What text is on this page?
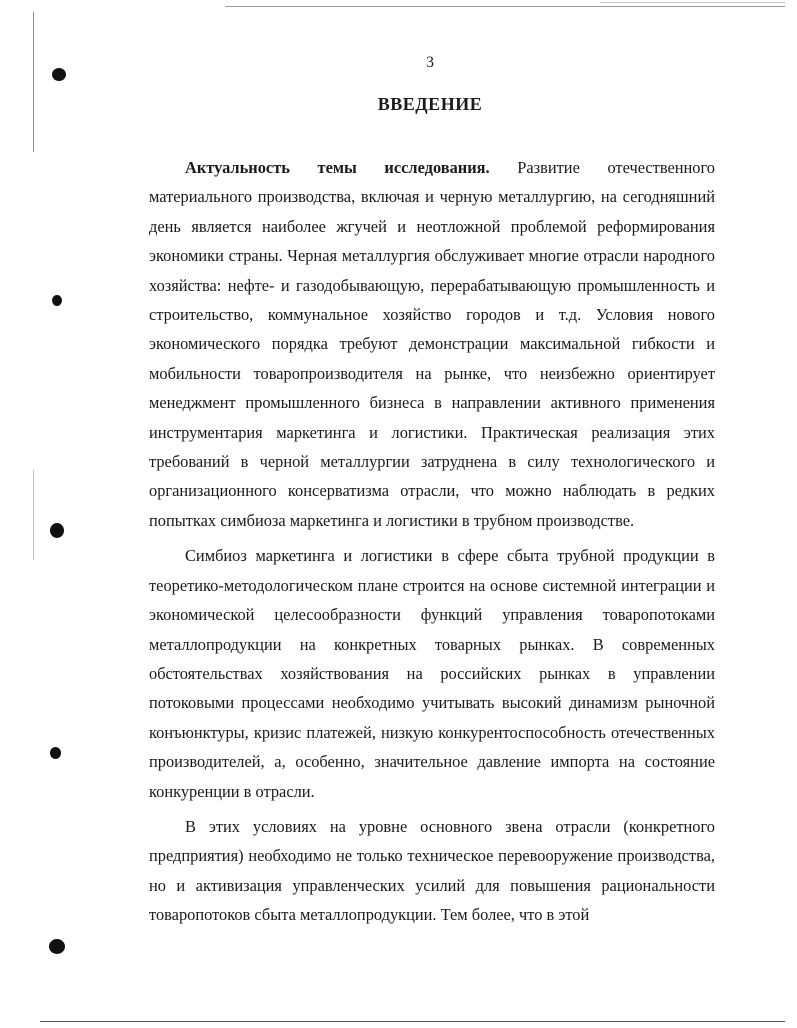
3
ВВЕДЕНИЕ

Актуальность темы исследования. Развитие отечественного материального производства, включая и черную металлургию, на сегодняшний день является наиболее жгучей и неотложной проблемой реформирования экономики страны. Черная металлургия обслуживает многие отрасли народного хозяйства: нефте- и газодобывающую, перерабатывающую промышленность и строительство, коммунальное хозяйство городов и т.д. Условия нового экономического порядка требуют демонстрации максимальной гибкости и мобильности товаропроизводителя на рынке, что неизбежно ориентирует менеджмент промышленного бизнеса в направлении активного применения инструментария маркетинга и логистики. Практическая реализация этих требований в черной металлургии затруднена в силу технологического и организационного консерватизма отрасли, что можно наблюдать в редких попытках симбиоза маркетинга и логистики в трубном производстве.

Симбиоз маркетинга и логистики в сфере сбыта трубной продукции в теоретико-методологическом плане строится на основе системной интеграции и экономической целесообразности функций управления товаропотоками металлопродукции на конкретных товарных рынках. В современных обстоятельствах хозяйствования на российских рынках в управлении потоковыми процессами необходимо учитывать высокий динамизм рыночной конъюнктуры, кризис платежей, низкую конкурентоспособность отечественных производителей, а, особенно, значительное давление импорта на состояние конкуренции в отрасли.

В этих условиях на уровне основного звена отрасли (конкретного предприятия) необходимо не только техническое перевооружение производства, но и активизация управленческих усилий для повышения рациональности товаропотоков сбыта металлопродукции. Тем более, что в этой
